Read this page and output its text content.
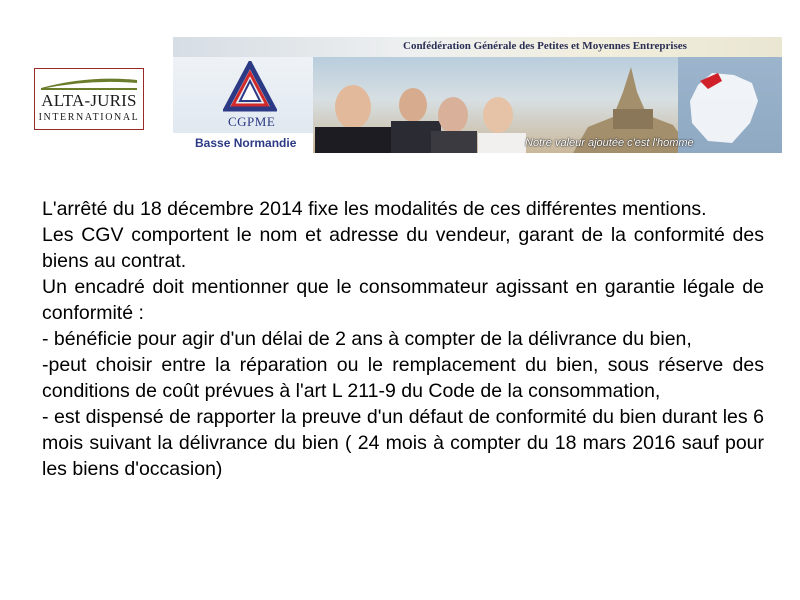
ALTA-JURIS
INTERNATIONAL
Confédération Générale des Petites et Moyennes Entreprises
CGPME
Basse Normandie	Notre valeur ajoutée c'est l'homme

L'arrêté du 18 décembre 2014 fixe les modalités de ces différentes mentions.

Les CGV comportent le nom et adresse du vendeur, garant de la conformité des biens au contrat.

Un encadré doit mentionner que le consommateur agissant en garantie légale de conformité :

- bénéficie pour agir d'un délai de 2 ans à compter de la délivrance du bien,

-peut choisir entre la réparation ou le remplacement du bien, sous réserve des conditions de coût prévues à l'art L 211-9 du Code de la consommation,

- est dispensé de rapporter la preuve d'un défaut de conformité du bien durant les 6 mois suivant la délivrance du bien ( 24 mois à compter du 18 mars 2016 sauf pour les biens d'occasion)
